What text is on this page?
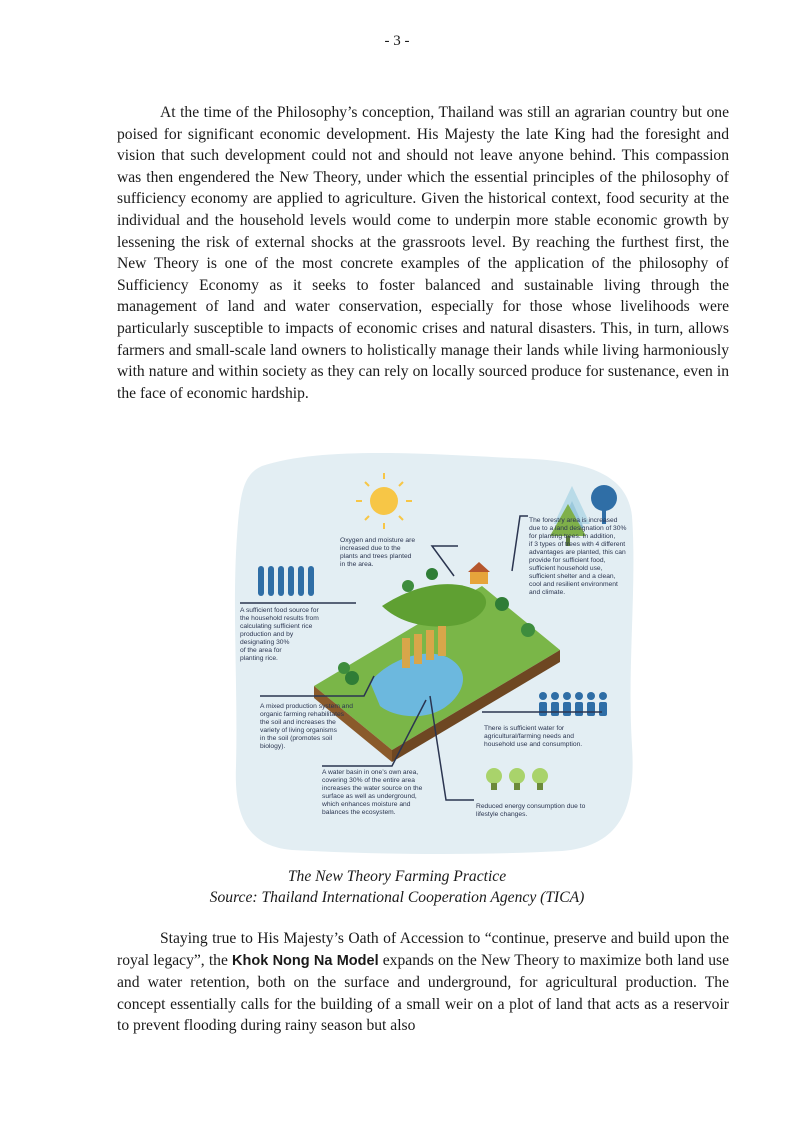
- 3 -

At the time of the Philosophy’s conception, Thailand was still an agrarian country but one poised for significant economic development. His Majesty the late King had the foresight and vision that such development could not and should not leave anyone behind. This compassion was then engendered the New Theory, under which the essential principles of the philosophy of sufficiency economy are applied to agriculture. Given the historical context, food security at the individual and the household levels would come to underpin more stable economic growth by lessening the risk of external shocks at the grassroots level. By reaching the furthest first, the New Theory is one of the most concrete examples of the application of the philosophy of Sufficiency Economy as it seeks to foster balanced and sustainable living through the management of land and water conservation, especially for those whose livelihoods were particularly susceptible to impacts of economic crises and natural disasters. This, in turn, allows farmers and small-scale land owners to holistically manage their lands while living harmoniously with nature and within society as they can rely on locally sourced produce for sustenance, even in the face of economic hardship.

Oxygen and moisture are increased due to the plants and trees planted in the area.
The forestry area is increased due to a land designation of 30% for planting trees. In addition, if 3 types of trees with 4 different advantages are planted, this can provide for sufficient food, sufficient household use, sufficient shelter and a clean, cool and resilient environment and climate.
A sufficient food source for the household results from calculating sufficient rice production and by designating 30% of the area for planting rice.
A mixed production system and organic farming rehabilitates the soil and increases the variety of living organisms in the soil (promotes soil biology).
A water basin in one’s own area, covering 30% of the entire area increases the water source on the surface as well as underground, which enhances moisture and balances the ecosystem.
There is sufficient water for agricultural/farming needs and household use and consumption.
Reduced energy consumption due to lifestyle changes.
The New Theory Farming Practice
Source: Thailand International Cooperation Agency (TICA)

Staying true to His Majesty’s Oath of Accession to “continue, preserve and build upon the royal legacy”, the Khok Nong Na Model expands on the New Theory to maximize both land use and water retention, both on the surface and underground, for agricultural production. The concept essentially calls for the building of a small weir on a plot of land that acts as a reservoir to prevent flooding during rainy season but also
